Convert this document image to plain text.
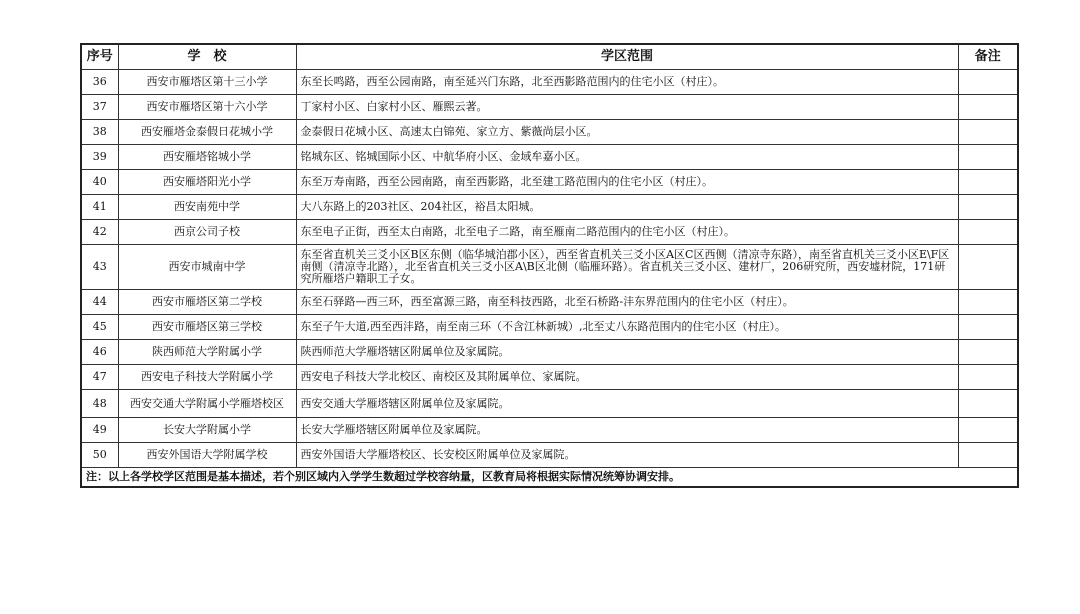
序号	学　校	学区范围	备注
36	西安市雁塔区第十三小学	东至长鸣路，西至公园南路，南至延兴门东路，北至西影路范围内的住宅小区（村庄）。	
37	西安市雁塔区第十六小学	丁家村小区、白家村小区、雁熙云著。	
38	西安雁塔金泰假日花城小学	金泰假日花城小区、高速太白锦苑、家立方、紫薇尚层小区。	
39	西安雁塔铭城小学	铭城东区、铭城国际小区、中航华府小区、金域牟嘉小区。	
40	西安雁塔阳光小学	东至万寿南路，西至公园南路，南至西影路，北至建工路范围内的住宅小区（村庄）。	
41	西安南苑中学	大八东路上的203社区、204社区，裕昌太阳城。	
42	西京公司子校	东至电子正街，西至太白南路，北至电子二路，南至雁南二路范围内的住宅小区（村庄）。	
43	西安市城南中学	东至省直机关三爻小区B区东侧（临华城泊郡小区），西至省直机关三爻小区A区C区西侧（清凉寺东路），南至省直机关三爻小区E\F区南侧（清凉寺北路），北至省直机关三爻小区A\B区北侧（临雁环路）。省直机关三爻小区、建材厂，206研究所，西安墟材院，171研究所雁塔户籍职工子女。	
44	西安市雁塔区第二学校	东至石驿路—西三环，西至富源三路，南至科技西路，北至石桥路-沣东界范围内的住宅小区（村庄）。	
45	西安市雁塔区第三学校	东至子午大道,西至西沣路，南至南三环（不含江林新城）,北至丈八东路范围内的住宅小区（村庄）。	
46	陕西师范大学附属小学	陕西师范大学雁塔辖区附属单位及家属院。	
47	西安电子科技大学附属小学	西安电子科技大学北校区、南校区及其附属单位、家属院。	
48	西安交通大学附属小学雁塔校区	西安交通大学雁塔辖区附属单位及家属院。	
49	长安大学附属小学	长安大学雁塔辖区附属单位及家属院。	
50	西安外国语大学附属学校	西安外国语大学雁塔校区、长安校区附属单位及家属院。	
注：以上各学校学区范围是基本描述，若个别区域内入学学生数超过学校容纳量，区教育局将根据实际情况统筹协调安排。			
